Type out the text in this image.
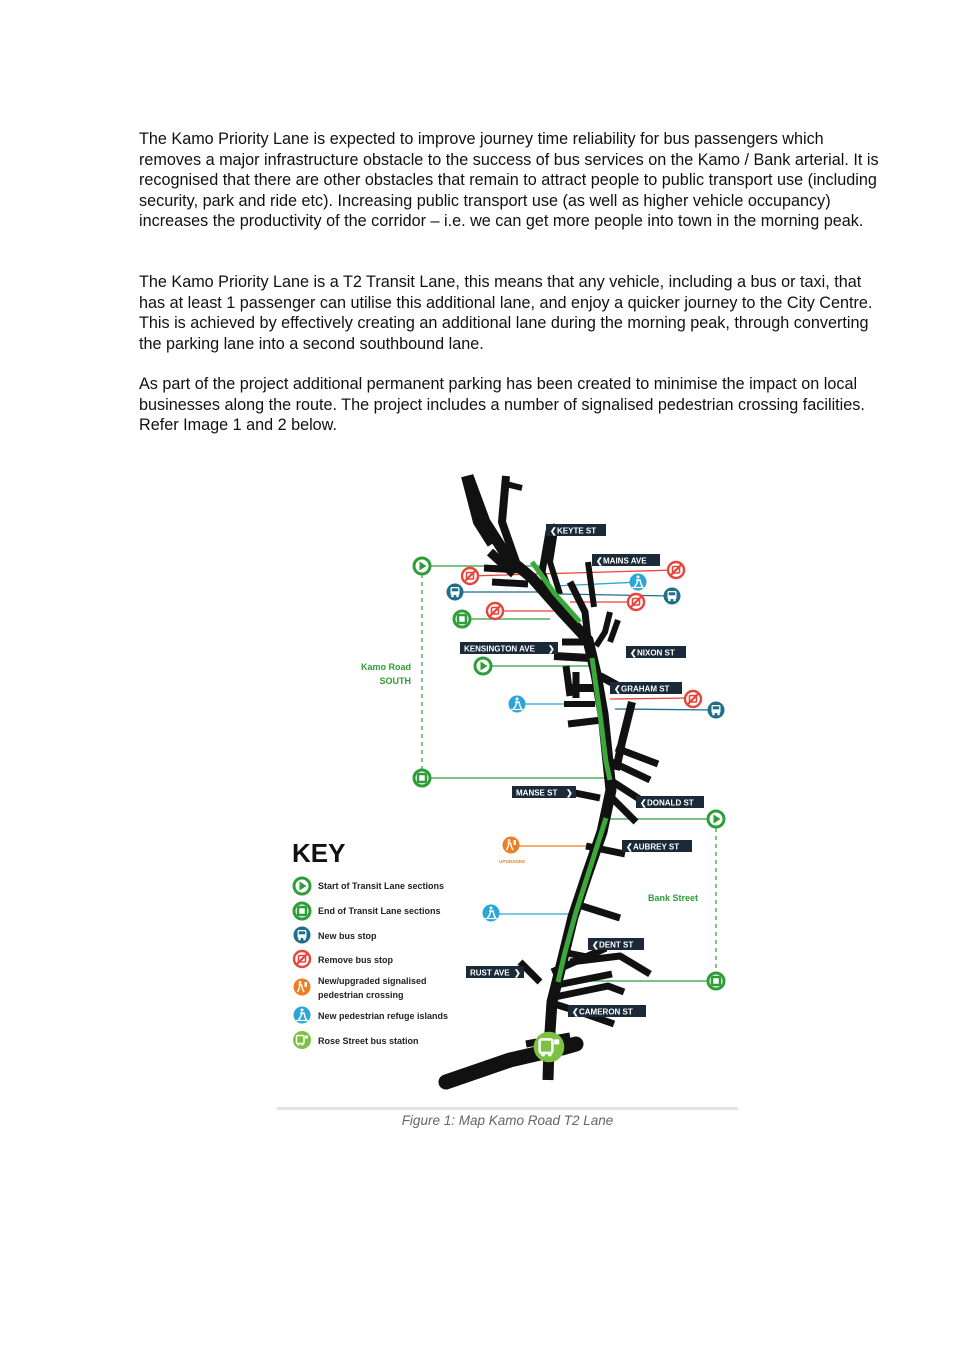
The Kamo Priority Lane is expected to improve journey time reliability for bus passengers which removes a major infrastructure obstacle to the success of bus services on the Kamo / Bank arterial. It is recognised that there are other obstacles that remain to attract people to public transport use (including security, park and ride etc). Increasing public transport use (as well as higher vehicle occupancy) increases the productivity of the corridor – i.e. we can get more people into town in the morning peak.

The Kamo Priority Lane is a T2 Transit Lane, this means that any vehicle, including a bus or taxi, that has at least 1 passenger can utilise this additional lane, and enjoy a quicker journey to the City Centre. This is achieved by effectively creating an additional lane during the morning peak, through converting the parking lane into a second southbound lane.

As part of the project additional permanent parking has been created to minimise the impact on local businesses along the route. The project includes a number of signalised pedestrian crossing facilities. Refer Image 1 and 2 below.

❮ KEYTE ST
❮ MAINS AVE
KENSINGTON AVE ❯	❮ NIXON ST
❮ GRAHAM ST
MANSE ST ❯
❮ DONALD ST
❮ AUBREY ST
❮ DENT ST
RUST AVE ❯
❮ CAMERON ST
Kamo Road
SOUTH
Bank Street
UPGRADED
KEY
Start of Transit Lane sections
End of Transit Lane sections
New bus stop
Remove bus stop
New/upgraded signalised
pedestrian crossing
New pedestrian refuge islands
Rose Street bus station
Figure 1: Map Kamo Road T2 Lane
